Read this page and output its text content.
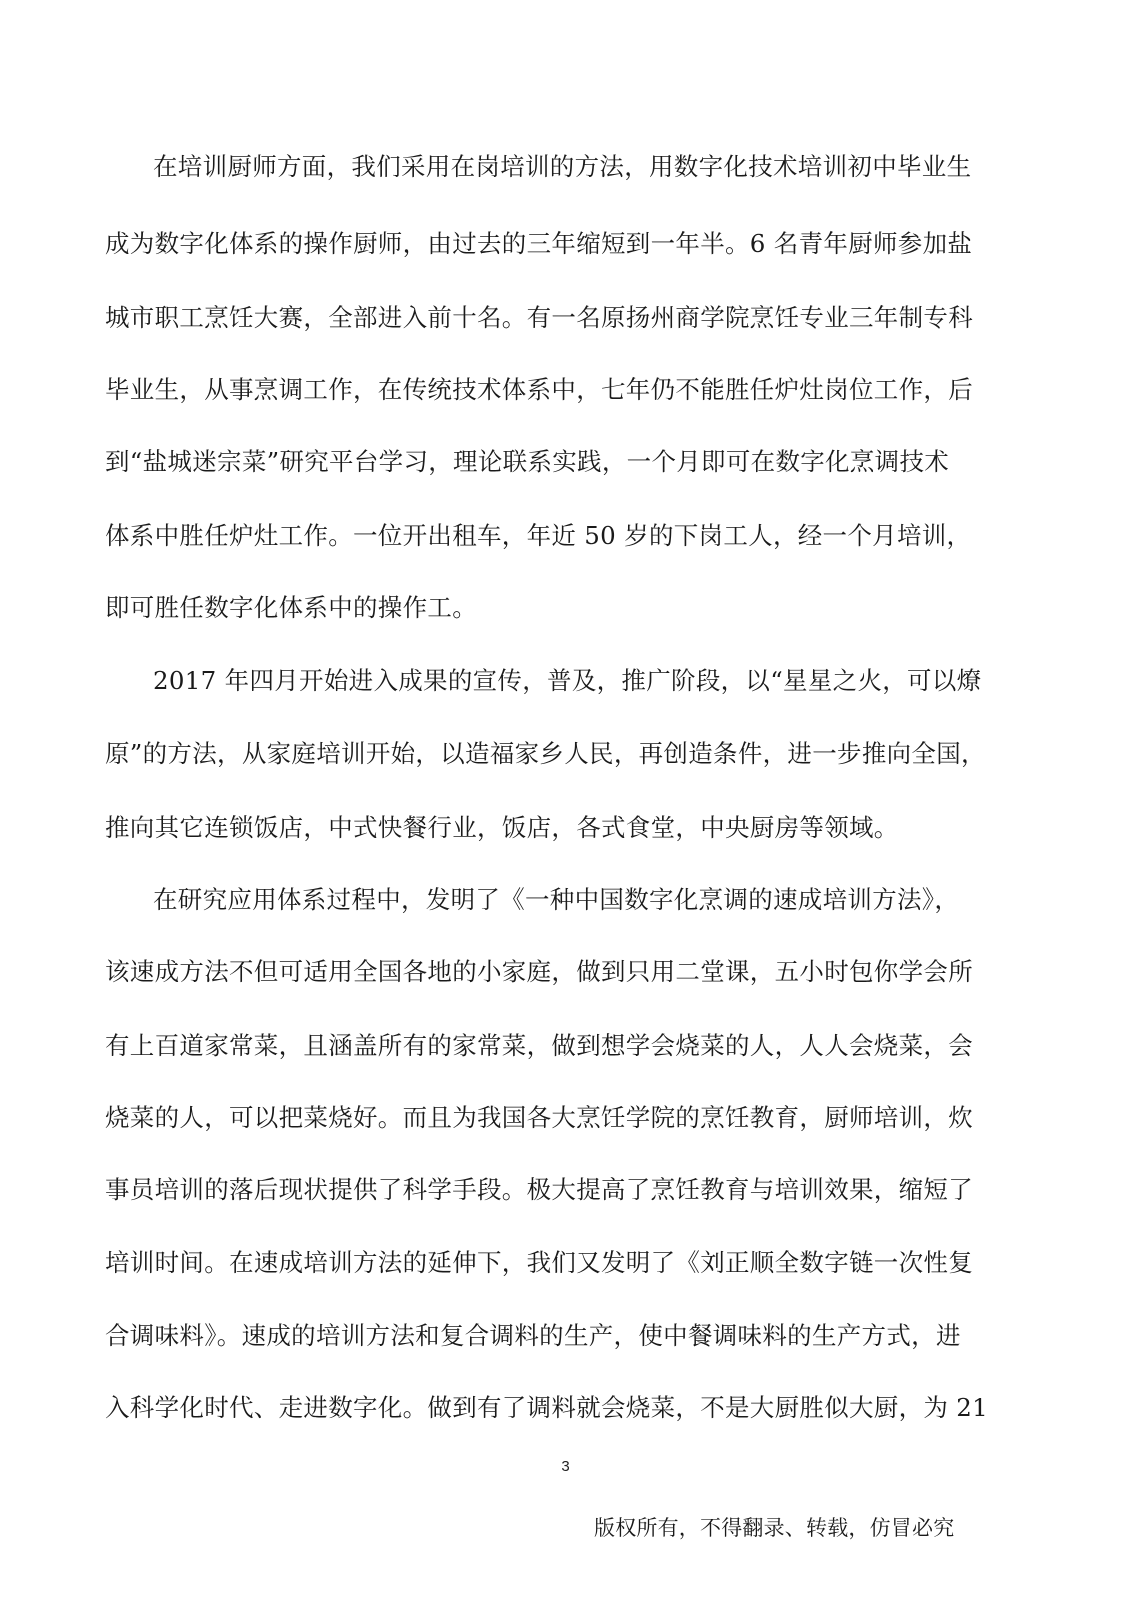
在培训厨师方面，我们采用在岗培训的方法，用数字化技术培训初中毕业生
成为数字化体系的操作厨师，由过去的三年缩短到一年半。6 名青年厨师参加盐
城市职工烹饪大赛，全部进入前十名。有一名原扬州商学院烹饪专业三年制专科
毕业生，从事烹调工作，在传统技术体系中，七年仍不能胜任炉灶岗位工作，后
到“盐城迷宗菜”研究平台学习，理论联系实践，一个月即可在数字化烹调技术
体系中胜任炉灶工作。一位开出租车，年近 50 岁的下岗工人，经一个月培训，
即可胜任数字化体系中的操作工。
2017 年四月开始进入成果的宣传，普及，推广阶段，以“星星之火，可以燎
原”的方法，从家庭培训开始，以造福家乡人民，再创造条件，进一步推向全国，
推向其它连锁饭店，中式快餐行业，饭店，各式食堂，中央厨房等领域。
在研究应用体系过程中，发明了《一种中国数字化烹调的速成培训方法》，
该速成方法不但可适用全国各地的小家庭，做到只用二堂课，五小时包你学会所
有上百道家常菜，且涵盖所有的家常菜，做到想学会烧菜的人，人人会烧菜，会
烧菜的人，可以把菜烧好。而且为我国各大烹饪学院的烹饪教育，厨师培训，炊
事员培训的落后现状提供了科学手段。极大提高了烹饪教育与培训效果，缩短了
培训时间。在速成培训方法的延伸下，我们又发明了《刘正顺全数字链一次性复
合调味料》。速成的培训方法和复合调料的生产，使中餐调味料的生产方式，进
入科学化时代、走进数字化。做到有了调料就会烧菜，不是大厨胜似大厨，为 21
3
版权所有，不得翻录、转载，仿冒必究
